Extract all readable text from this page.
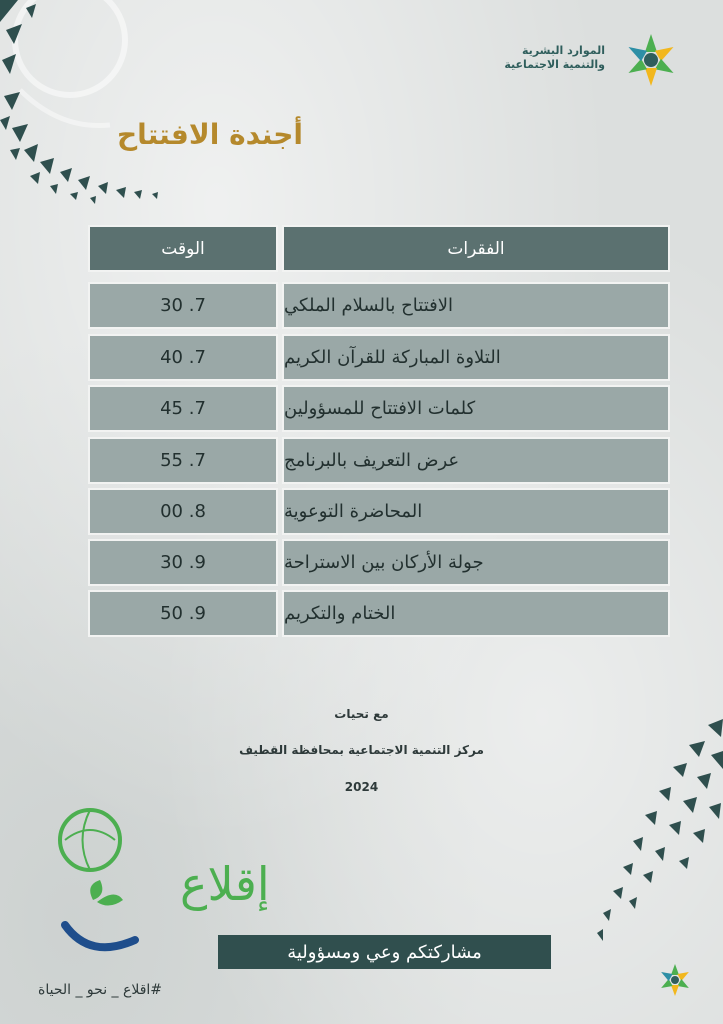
الموارد البشرية
والتنمية الاجتماعية
أجندة الافتتاح
الفقرات
الوقت
الافتتاح بالسلام الملكي
7. 30
التلاوة المباركة للقرآن الكريم
7. 40
كلمات الافتتاح للمسؤولين
7. 45
عرض التعريف بالبرنامج
7. 55
المحاضرة التوعوية
8. 00
جولة الأركان بين الاستراحة
9. 30
الختام والتكريم
9. 50
مع تحيات
مركز التنمية الاجتماعية بمحافظة القطيف
2024
إقلاع
مشاركتكم وعي ومسؤولية
#اقلاع _ نحو _ الحياة
